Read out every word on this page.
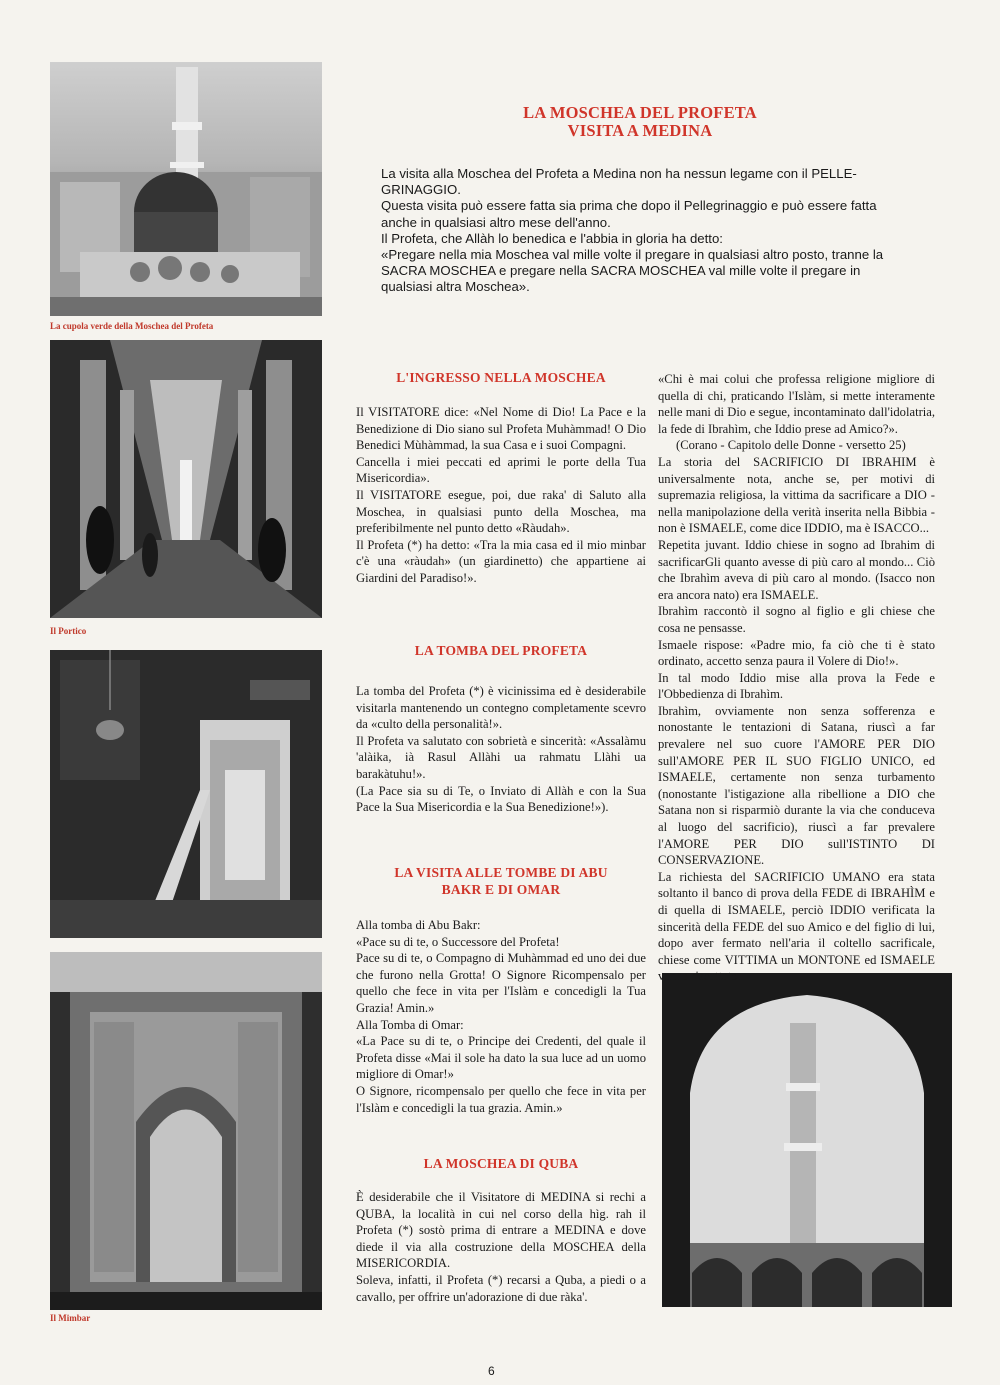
La cupola verde della Moschea del Profeta
Il Portico
Il Mimbar
LA MOSCHEA DEL PROFETA
VISITA A MEDINA

La visita alla Moschea del Profeta a Medina non ha nessun legame con il PELLE-GRINAGGIO.

Questa visita può essere fatta sia prima che dopo il Pellegrinaggio e può essere fatta anche in qualsiasi altro mese dell'anno.

Il Profeta, che Allàh lo benedica e l'abbia in gloria ha detto:

«Pregare nella mia Moschea val mille volte il pregare in qualsiasi altro posto, tranne la SACRA MOSCHEA e pregare nella SACRA MOSCHEA val mille volte il pregare in qualsiasi altra Moschea».

L'INGRESSO NELLA MOSCHEA

Il VISITATORE dice: «Nel Nome di Dio! La Pace e la Benedizione di Dio siano sul Profeta Muhàmmad! O Dio Benedici Mùhàmmad, la sua Casa e i suoi Compagni.

Cancella i miei peccati ed aprimi le porte della Tua Misericordia».

Il VISITATORE esegue, poi, due raka' di Saluto alla Moschea, in qualsiasi punto della Moschea, ma preferibilmente nel punto detto «Ràudah».

Il Profeta (*) ha detto: «Tra la mia casa ed il mio minbar c'è una «ràudah» (un giardinetto) che appartiene ai Giardini del Paradiso!».

LA TOMBA DEL PROFETA

La tomba del Profeta (*) è vicinissima ed è desiderabile visitarla mantenendo un contegno completamente scevro da «culto della personalità!».

Il Profeta va salutato con sobrietà e sincerità: «Assalàmu 'alàika, ià Rasul Allàhi ua rahmatu Llàhi ua barakàtuhu!».

(La Pace sia su di Te, o Inviato di Allàh e con la Sua Pace la Sua Misericordia e la Sua Benedizione!»).

LA VISITA ALLE TOMBE DI ABU
BAKR E DI OMAR

Alla tomba di Abu Bakr:

«Pace su di te, o Successore del Profeta!

Pace su di te, o Compagno di Muhàmmad ed uno dei due che furono nella Grotta! O Signore Ricompensalo per quello che fece in vita per l'Islàm e concedigli la Tua Grazia! Amin.»

Alla Tomba di Omar:

«La Pace su di te, o Principe dei Credenti, del quale il Profeta disse «Mai il sole ha dato la sua luce ad un uomo migliore di Omar!»

O Signore, ricompensalo per quello che fece in vita per l'Islàm e concedigli la tua grazia. Amin.»

LA MOSCHEA DI QUBA

È desiderabile che il Visitatore di MEDINA si rechi a QUBA, la località in cui nel corso della hìg. rah il Profeta (*) sostò prima di entrare a MEDINA e dove diede il via alla costruzione della MOSCHEA della MISERICORDIA.

Soleva, infatti, il Profeta (*) recarsi a Quba, a piedi o a cavallo, per offrire un'adorazione di due ràka'.

«Chi è mai colui che professa religione migliore di quella di chi, praticando l'Islàm, si mette interamente nelle mani di Dio e segue, incontaminato dall'idolatria, la fede di Ibrahìm, che Iddio prese ad Amico?».

(Corano - Capitolo delle Donne - versetto 25)

La storia del SACRIFICIO DI IBRAHIM è universalmente nota, anche se, per motivi di supremazia religiosa, la vittima da sacrificare a DIO -nella manipolazione della verità inserita nella Bibbia - non è ISMAELE, come dice IDDIO, ma è ISACCO...

Repetita juvant. Iddio chiese in sogno ad Ibrahim di sacrificarGli quanto avesse di più caro al mondo... Ciò che Ibrahìm aveva di più caro al mondo. (Isacco non era ancora nato) era ISMAELE.

Ibrahìm raccontò il sogno al figlio e gli chiese che cosa ne pensasse.

Ismaele rispose: «Padre mio, fa ciò che ti è stato ordinato, accetto senza paura il Volere di Dio!».

In tal modo Iddio mise alla prova la Fede e l'Obbedienza di Ibrahìm.

Ibrahìm, ovviamente non senza sofferenza e nonostante le tentazioni di Satana, riuscì a far prevalere nel suo cuore l'AMORE PER DIO sull'AMORE PER IL SUO FIGLIO UNICO, ed ISMAELE, certamente non senza turbamento (nonostante l'istigazione alla ribellione a DIO che Satana non si risparmiò durante la via che conduceva al luogo del sacrificio), riuscì a far prevalere l'AMORE PER DIO sull'ISTINTO DI CONSERVAZIONE.

La richiesta del SACRIFICIO UMANO era stata soltanto il banco di prova della FEDE di IBRAHÌM e di quella di ISMAELE, perciò IDDIO verificata la sincerità della FEDE del suo Amico e del figlio di lui, dopo aver fermato nell'aria il coltello sacrificale, chiese come VITTIMA un MONTONE ed ISMAELE venne riscattato.

6
